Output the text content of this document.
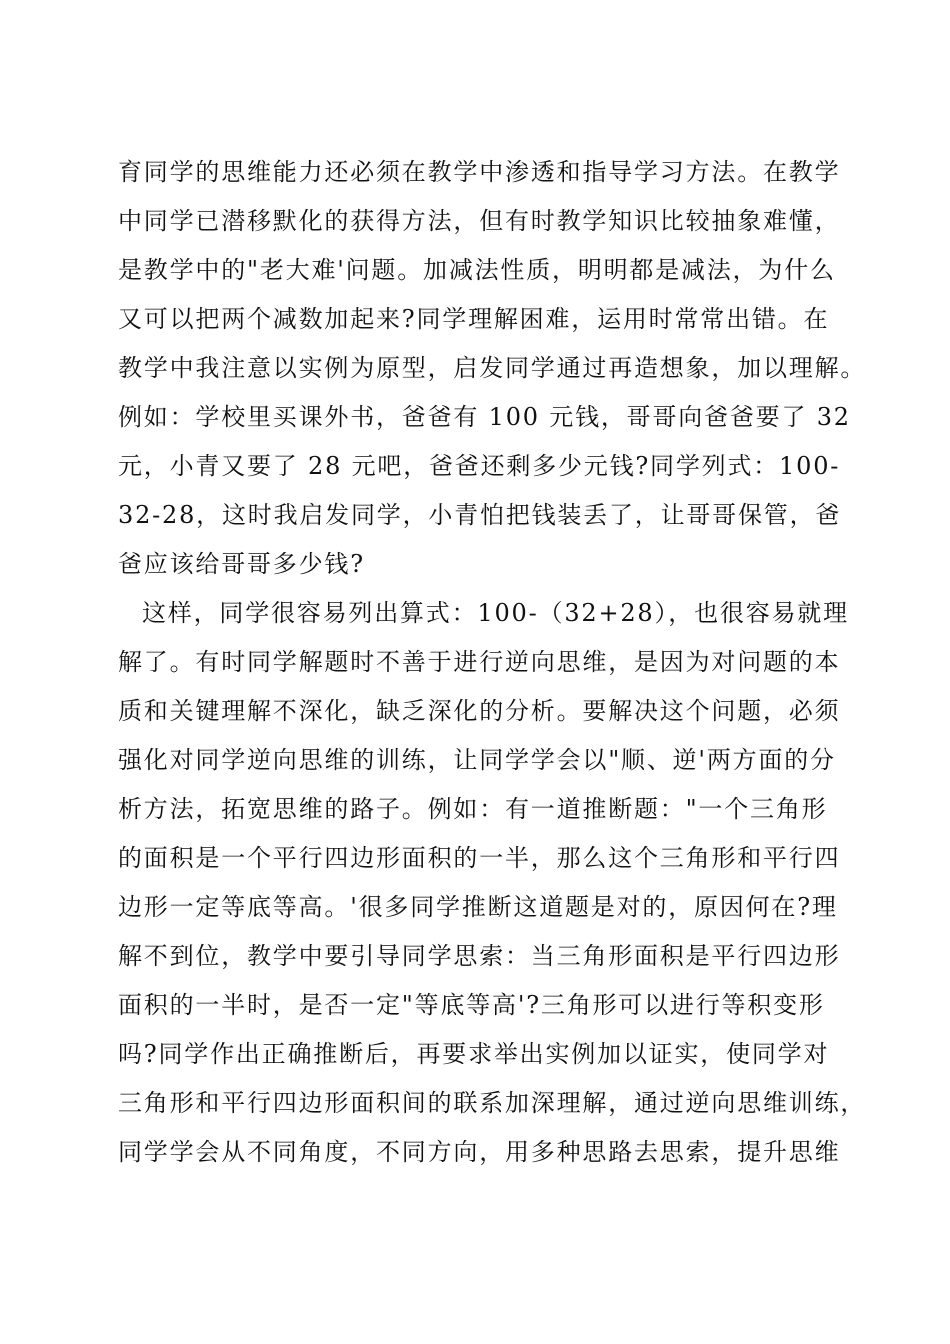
育同学的思维能力还必须在教学中渗透和指导学习方法。在教学
中同学已潜移默化的获得方法，但有时教学知识比较抽象难懂，
是教学中的"老大难'问题。加减法性质，明明都是减法，为什么
又可以把两个减数加起来?同学理解困难，运用时常常出错。在
教学中我注意以实例为原型，启发同学通过再造想象，加以理解。
例如：学校里买课外书，爸爸有 100 元钱，哥哥向爸爸要了 32
元，小青又要了 28 元吧，爸爸还剩多少元钱?同学列式：100-
32-28，这时我启发同学，小青怕把钱装丢了，让哥哥保管，爸
爸应该给哥哥多少钱?
这样，同学很容易列出算式：100-（32+28），也很容易就理
解了。有时同学解题时不善于进行逆向思维，是因为对问题的本
质和关键理解不深化，缺乏深化的分析。要解决这个问题，必须
强化对同学逆向思维的训练，让同学学会以"顺、逆'两方面的分
析方法，拓宽思维的路子。例如：有一道推断题："一个三角形
的面积是一个平行四边形面积的一半，那么这个三角形和平行四
边形一定等底等高。'很多同学推断这道题是对的，原因何在?理
解不到位，教学中要引导同学思索：当三角形面积是平行四边形
面积的一半时，是否一定"等底等高'?三角形可以进行等积变形
吗?同学作出正确推断后，再要求举出实例加以证实，使同学对
三角形和平行四边形面积间的联系加深理解，通过逆向思维训练，
同学学会从不同角度，不同方向，用多种思路去思索，提升思维
